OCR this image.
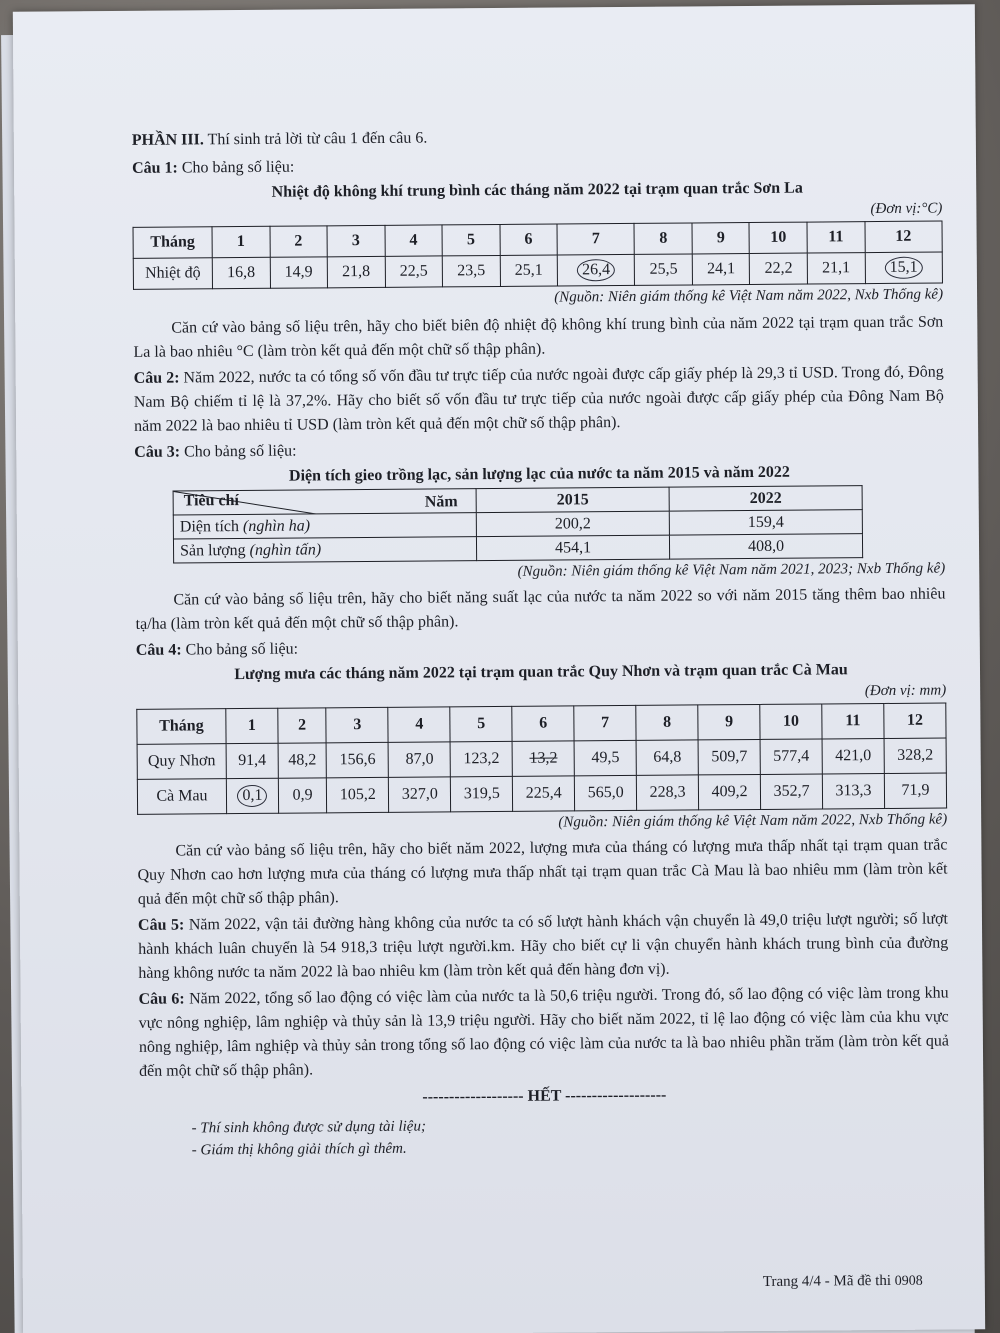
PHẦN III. Thí sinh trả lời từ câu 1 đến câu 6.

Câu 1: Cho bảng số liệu:

Nhiệt độ không khí trung bình các tháng năm 2022 tại trạm quan trắc Sơn La

(Đơn vị:°C)

Tháng	1	2	3	4	5	6	7	8	9	10	11	12
Nhiệt độ	16,8	14,9	21,8	22,5	23,5	25,1	26,4	25,5	24,1	22,2	21,1	15,1

(Nguồn: Niên giám thống kê Việt Nam năm 2022, Nxb Thống kê)

Căn cứ vào bảng số liệu trên, hãy cho biết biên độ nhiệt độ không khí trung bình của năm 2022 tại trạm quan trắc Sơn La là bao nhiêu °C (làm tròn kết quả đến một chữ số thập phân).

Câu 2: Năm 2022, nước ta có tổng số vốn đầu tư trực tiếp của nước ngoài được cấp giấy phép là 29,3 tỉ USD. Trong đó, Đông Nam Bộ chiếm tỉ lệ là 37,2%. Hãy cho biết số vốn đầu tư trực tiếp của nước ngoài được cấp giấy phép của Đông Nam Bộ năm 2022 là bao nhiêu tỉ USD (làm tròn kết quả đến một chữ số thập phân).

Câu 3: Cho bảng số liệu:

Diện tích gieo trồng lạc, sản lượng lạc của nước ta năm 2015 và năm 2022

Năm
Tiêu chí	2015	2022
Diện tích (nghìn ha)	200,2	159,4
Sản lượng (nghìn tấn)	454,1	408,0

(Nguồn: Niên giám thống kê Việt Nam năm 2021, 2023; Nxb Thống kê)

Căn cứ vào bảng số liệu trên, hãy cho biết năng suất lạc của nước ta năm 2022 so với năm 2015 tăng thêm bao nhiêu tạ/ha (làm tròn kết quả đến một chữ số thập phân).

Câu 4: Cho bảng số liệu:

Lượng mưa các tháng năm 2022 tại trạm quan trắc Quy Nhơn và trạm quan trắc Cà Mau

(Đơn vị: mm)

Tháng	1	2	3	4	5	6	7	8	9	10	11	12
Quy Nhơn	91,4	48,2	156,6	87,0	123,2	13,2	49,5	64,8	509,7	577,4	421,0	328,2
Cà Mau	0,1	0,9	105,2	327,0	319,5	225,4	565,0	228,3	409,2	352,7	313,3	71,9

(Nguồn: Niên giám thống kê Việt Nam năm 2022, Nxb Thống kê)

Căn cứ vào bảng số liệu trên, hãy cho biết năm 2022, lượng mưa của tháng có lượng mưa thấp nhất tại trạm quan trắc Quy Nhơn cao hơn lượng mưa của tháng có lượng mưa thấp nhất tại trạm quan trắc Cà Mau là bao nhiêu mm (làm tròn kết quả đến một chữ số thập phân).

Câu 5: Năm 2022, vận tải đường hàng không của nước ta có số lượt hành khách vận chuyển là 49,0 triệu lượt người; số lượt hành khách luân chuyển là 54 918,3 triệu lượt người.km. Hãy cho biết cự li vận chuyển hành khách trung bình của đường hàng không nước ta năm 2022 là bao nhiêu km (làm tròn kết quả đến hàng đơn vị).

Câu 6: Năm 2022, tổng số lao động có việc làm của nước ta là 50,6 triệu người. Trong đó, số lao động có việc làm trong khu vực nông nghiệp, lâm nghiệp và thủy sản là 13,9 triệu người. Hãy cho biết năm 2022, tỉ lệ lao động có việc làm của khu vực nông nghiệp, lâm nghiệp và thủy sản trong tổng số lao động có việc làm của nước ta là bao nhiêu phần trăm (làm tròn kết quả đến một chữ số thập phân).

------------------- HẾT -------------------

- Thí sinh không được sử dụng tài liệu;
- Giám thị không giải thích gì thêm.
Trang 4/4 - Mã đề thi 0908
